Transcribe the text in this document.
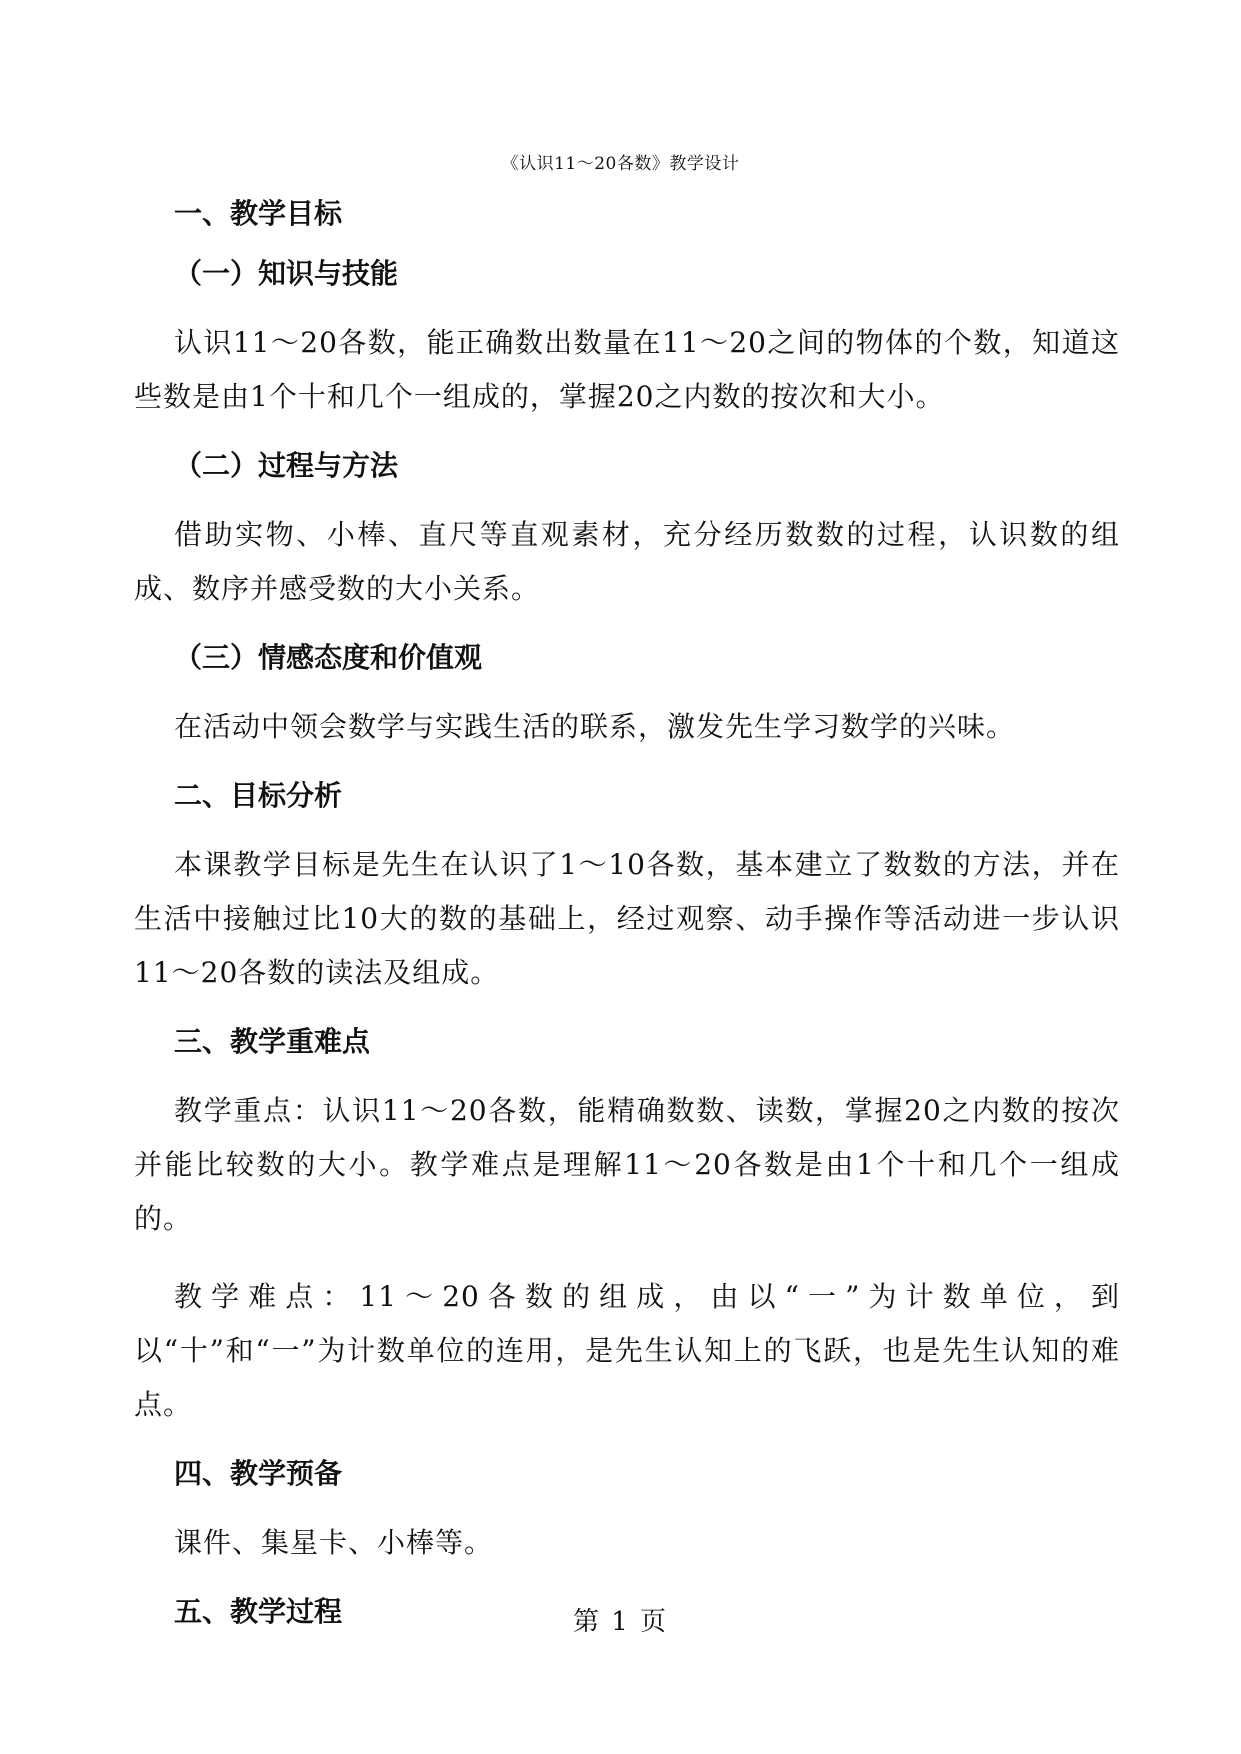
《认识11～20各数》教学设计
一、教学目标
（一）知识与技能

认识11～20各数，能正确数出数量在11～20之间的物体的个数，知道这些数是由1个十和几个一组成的，掌握20之内数的按次和大小。

（二）过程与方法

借助实物、小棒、直尺等直观素材，充分经历数数的过程，认识数的组成、数序并感受数的大小关系。

（三）情感态度和价值观

在活动中领会数学与实践生活的联系，激发先生学习数学的兴味。

二、目标分析

本课教学目标是先生在认识了1～10各数，基本建立了数数的方法，并在生活中接触过比10大的数的基础上，经过观察、动手操作等活动进一步认识11～20各数的读法及组成。

三、教学重难点

教学重点：认识11～20各数，能精确数数、读数，掌握20之内数的按次并能比较数的大小。教学难点是理解11～20各数是由1个十和几个一组成的。

教学难点：11～20各数的组成，由以“一”为计数单位，到以“十”和“一”为计数单位的连用，是先生认知上的飞跃，也是先生认知的难点。

四、教学预备

课件、集星卡、小棒等。

五、教学过程	第 1 页
